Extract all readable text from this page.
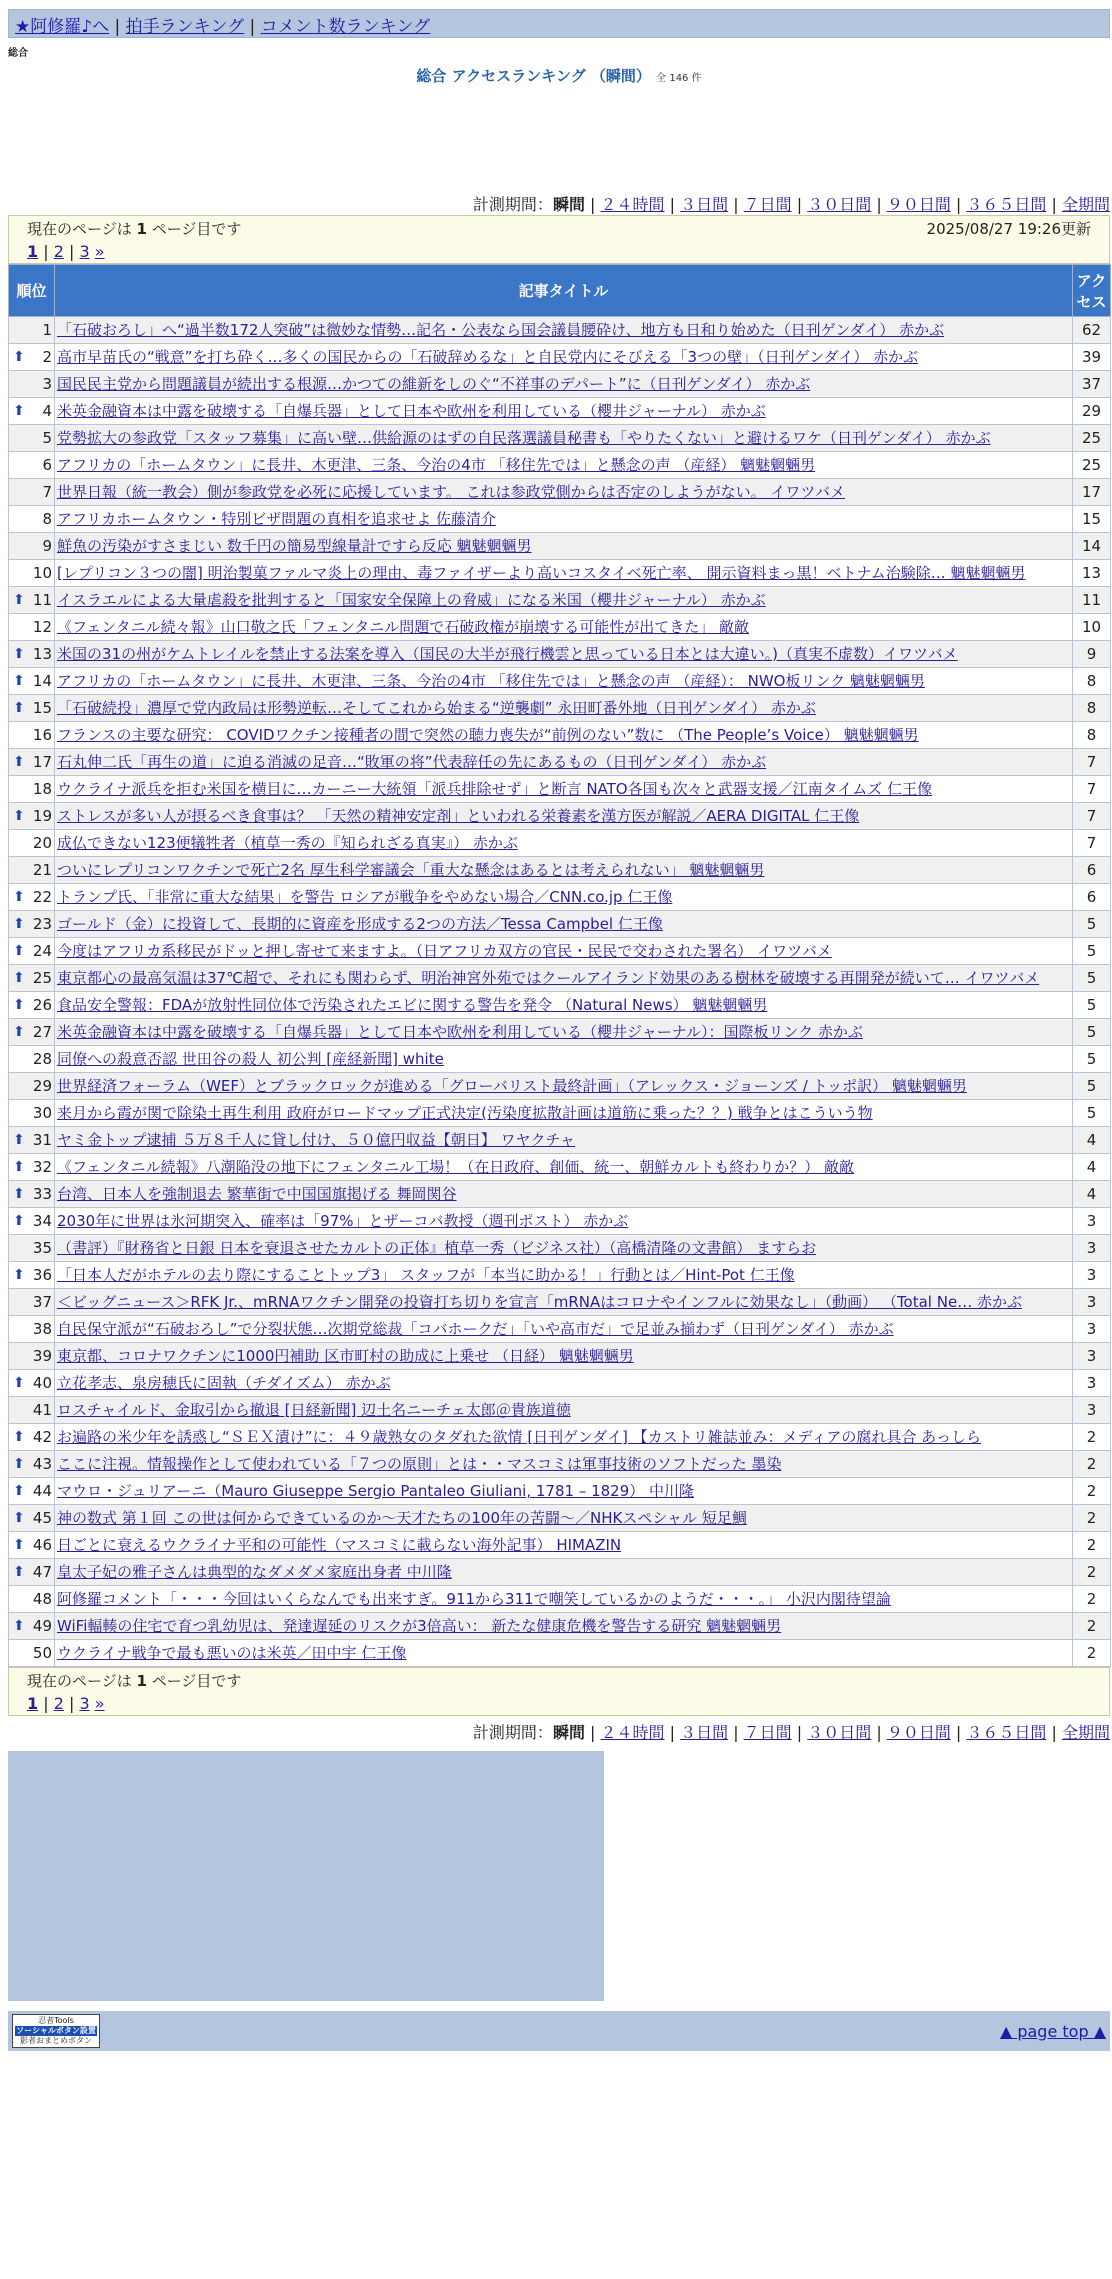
★阿修羅♪へ | 拍手ランキング | コメント数ランキング
総合
総合 アクセスランキング （瞬間） 全 146 件
計測期間：瞬間 | ２４時間 | ３日間 | ７日間 | ３０日間 | ９０日間 | ３６５日間 | 全期間
現在のページは 1 ページ目です	2025/08/27 19:26更新
1 | 2 | 3 »
順位	記事タイトル	アクセス
1	「石破おろし」へ“過半数172人突破”は微妙な情勢…記名・公表なら国会議員腰砕け、地方も日和り始めた（日刊ゲンダイ） 赤かぶ	62

⬆ 2	高市早苗氏の“戦意”を打ち砕く…多くの国民からの「石破辞めるな」と自民党内にそびえる「3つの壁」（日刊ゲンダイ） 赤かぶ	39
3	国民民主党から問題議員が続出する根源…かつての維新をしのぐ“不祥事のデパート”に（日刊ゲンダイ） 赤かぶ	37

⬆ 4	米英金融資本は中露を破壊する「自爆兵器」として日本や欧州を利用している（櫻井ジャーナル） 赤かぶ	29
5	党勢拡大の参政党「スタッフ募集」に高い壁…供給源のはずの自民落選議員秘書も「やりたくない」と避けるワケ（日刊ゲンダイ） 赤かぶ	25
6	アフリカの「ホームタウン」に長井、木更津、三条、今治の4市 「移住先では」と懸念の声 （産経） 魑魅魍魎男	25
7	世界日報（統一教会）側が参政党を必死に応援しています。 これは参政党側からは否定のしようがない。 イワツバメ	17
8	アフリカホームタウン・特別ビザ問題の真相を追求せよ 佐藤清介	15
9	鮮魚の汚染がすさまじい 数千円の簡易型線量計ですら反応 魑魅魍魎男	14
10	[レプリコン３つの闇] 明治製菓ファルマ炎上の理由、毒ファイザーより高いコスタイベ死亡率、 開示資料まっ黒！ベトナム治験除… 魑魅魍魎男	13

⬆ 11	イスラエルによる大量虐殺を批判すると「国家安全保障上の脅威」になる米国（櫻井ジャーナル） 赤かぶ	11
12	《フェンタニル続々報》山口敬之氏「フェンタニル問題で石破政権が崩壊する可能性が出てきた」 敵敵	10

⬆ 13	米国の31の州がケムトレイルを禁止する法案を導入（国民の大半が飛行機雲と思っている日本とは大違い。)（真実不虚数）イワツバメ	9

⬆ 14	アフリカの「ホームタウン」に長井、木更津、三条、今治の4市 「移住先では」と懸念の声 （産経）： NWO板リンク 魑魅魍魎男	8

⬆ 15	「石破続投」濃厚で党内政局は形勢逆転…そしてこれから始まる“逆襲劇” 永田町番外地（日刊ゲンダイ） 赤かぶ	8
16	フランスの主要な研究： COVIDワクチン接種者の間で突然の聴力喪失が“前例のない”数に （The People’s Voice） 魑魅魍魎男	8

⬆ 17	石丸伸二氏「再生の道」に迫る消滅の足音…“敗軍の将”代表辞任の先にあるもの（日刊ゲンダイ） 赤かぶ	7
18	ウクライナ派兵を拒む米国を横目に…カーニー大統領「派兵排除せず」と断言 NATO各国も次々と武器支援／江南タイムズ 仁王像	7

⬆ 19	ストレスが多い人が摂るべき食事は？ 「天然の精神安定剤」といわれる栄養素を漢方医が解説／AERA DIGITAL 仁王像	7
20	成仏できない123便犠牲者（植草一秀の『知られざる真実』） 赤かぶ	7
21	ついにレプリコンワクチンで死亡2名 厚生科学審議会「重大な懸念はあるとは考えられない」 魑魅魍魎男	6

⬆ 22	トランプ氏、「非常に重大な結果」を警告 ロシアが戦争をやめない場合／CNN.co.jp 仁王像	6

⬆ 23	ゴールド（金）に投資して、長期的に資産を形成する2つの方法／Tessa Campbel 仁王像	5

⬆ 24	今度はアフリカ系移民がドッと押し寄せて来ますよ。（日アフリカ双方の官民・民民で交わされた署名） イワツバメ	5

⬆ 25	東京都心の最高気温は37℃超で、それにも関わらず、明治神宮外苑ではクールアイランド効果のある樹林を破壊する再開発が続いて… イワツバメ	5

⬆ 26	食品安全警報：FDAが放射性同位体で汚染されたエビに関する警告を発令 （Natural News） 魑魅魍魎男	5

⬆ 27	米英金融資本は中露を破壊する「自爆兵器」として日本や欧州を利用している（櫻井ジャーナル）：国際板リンク 赤かぶ	5
28	同僚への殺意否認 世田谷の殺人 初公判 [産経新聞] white	5
29	世界経済フォーラム（WEF）とブラックロックが進める「グローバリスト最終計画」（アレックス・ジョーンズ / トッポ訳） 魑魅魍魎男	5
30	来月から霞が関で除染土再生利用 政府がロードマップ正式決定(汚染度拡散計画は道筋に乗った？？) 戦争とはこういう物	5

⬆ 31	ヤミ金トップ逮捕 ５万８千人に貸し付け、５０億円収益【朝日】 ワヤクチャ	4

⬆ 32	《フェンタニル続報》八潮陥没の地下にフェンタニル工場！（在日政府、創価、統一、朝鮮カルトも終わりか？） 敵敵	4

⬆ 33	台湾、日本人を強制退去 繁華街で中国国旗掲げる 舞岡関谷	4

⬆ 34	2030年に世界は氷河期突入、確率は「97%」とザーコバ教授（週刊ポスト） 赤かぶ	3
35	（書評）『財務省と日銀 日本を衰退させたカルトの正体』植草一秀（ビジネス社）（高橋清隆の文書館） ますらお	3

⬆ 36	「日本人だがホテルの去り際にすることトップ3」 スタッフが「本当に助かる！」行動とは／Hint-Pot 仁王像	3
37	＜ビッグニュース＞RFK Jr.、mRNAワクチン開発の投資打ち切りを宣言「mRNAはコロナやインフルに効果なし」（動画） （Total Ne… 赤かぶ	3
38	自民保守派が“石破おろし”で分裂状態…次期党総裁「コバホークだ」「いや高市だ」で足並み揃わず（日刊ゲンダイ） 赤かぶ	3
39	東京都、コロナワクチンに1000円補助 区市町村の助成に上乗せ （日経） 魑魅魍魎男	3

⬆ 40	立花孝志、泉房穂氏に固執（チダイズム） 赤かぶ	3
41	ロスチャイルド、金取引から撤退 [日経新聞] 辺土名ニーチェ太郎＠貴族道徳	3

⬆ 42	お遍路の米少年を誘惑し“ＳＥＸ漬け”に：４９歳熟女のタダれた欲情 [日刊ゲンダイ] 【カストリ雑誌並み：メディアの腐れ具合 あっしら	2

⬆ 43	ここに注視。情報操作として使われている「７つの原則」とは・・マスコミは軍事技術のソフトだった 墨染	2

⬆ 44	マウロ・ジュリアーニ（Mauro Giuseppe Sergio Pantaleo Giuliani, 1781 – 1829） 中川隆	2

⬆ 45	神の数式 第１回 この世は何からできているのか～天才たちの100年の苦闘～／NHKスペシャル 短足鯛	2

⬆ 46	日ごとに衰えるウクライナ平和の可能性（マスコミに載らない海外記事） HIMAZIN	2

⬆ 47	皇太子妃の雅子さんは典型的なダメダメ家庭出身者 中川隆	2
48	阿修羅コメント「・・・今回はいくらなんでも出来すぎ。911から311で嘲笑しているかのようだ・・・。」 小沢内閣待望論	2

⬆ 49	WiFi輻輳の住宅で育つ乳幼児は、発達遅延のリスクが3倍高い： 新たな健康危機を警告する研究 魑魅魍魎男	2
50	ウクライナ戦争で最も悪いのは米英／田中宇 仁王像	2
現在のページは 1 ページ目です
1 | 2 | 3 »
計測期間：瞬間 | ２４時間 | ３日間 | ７日間 | ３０日間 | ９０日間 | ３６５日間 | 全期間
忍者Tools
ソーシャルボタン設置
影者おまとめボタン	▲ page top ▲
